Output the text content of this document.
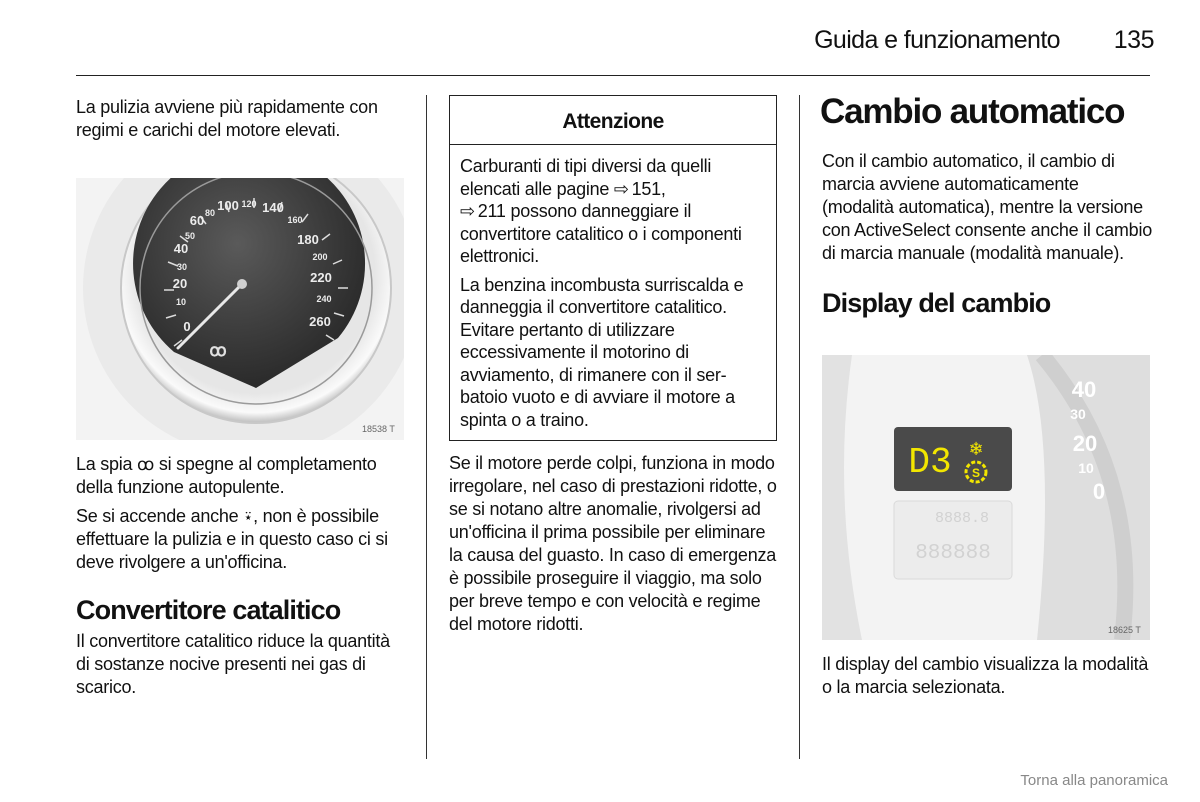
Guida e funzionamento	135

La pulizia avviene più rapidamente con regimi e carichi del motore elevati.

0
10
20
30
40
50
60 80 100 120 140
160
180
200
220
240
260
ꝏ
18538 T

La spia ꝏ si spegne al completamento della funzione autopulente.

Se si accende anche ⍣, non è possibile effettuare la pulizia e in questo caso ci si deve rivolgere a un'officina.

Convertitore catalitico

Il convertitore catalitico riduce la quantità di sostanze nocive presenti nei gas di scarico.

Attenzione

Carburanti di tipi diversi da quelli elencati alle pagine ⇨ 151,
⇨ 211 possono danneggiare il convertitore catalitico o i componenti elettronici.

La benzina incombusta surriscalda e danneggia il convertitore catalitico. Evitare pertanto di utilizzare eccessivamente il motorino di avviamento, di rimanere con il serbatoio vuoto e di avviare il motore a spinta o a traino.

Se il motore perde colpi, funziona in modo irregolare, nel caso di prestazioni ridotte, o se si notano altre anomalie, rivolgersi ad un'officina il prima possibile per eliminare la causa del guasto. In caso di emergenza è possibile proseguire il viaggio, ma solo per breve tempo e con velocità e regime del motore ridotti.

Cambio automatico

Con il cambio automatico, il cambio di marcia avviene automaticamente (modalità automatica), mentre la versione con ActiveSelect consente anche il cambio di marcia manuale (modalità manuale).

Display del cambio
40
30
20
10
0
D3 ❄
S
8888.8
888888
18625 T

Il display del cambio visualizza la modalità o la marcia selezionata.

Torna alla panoramica
